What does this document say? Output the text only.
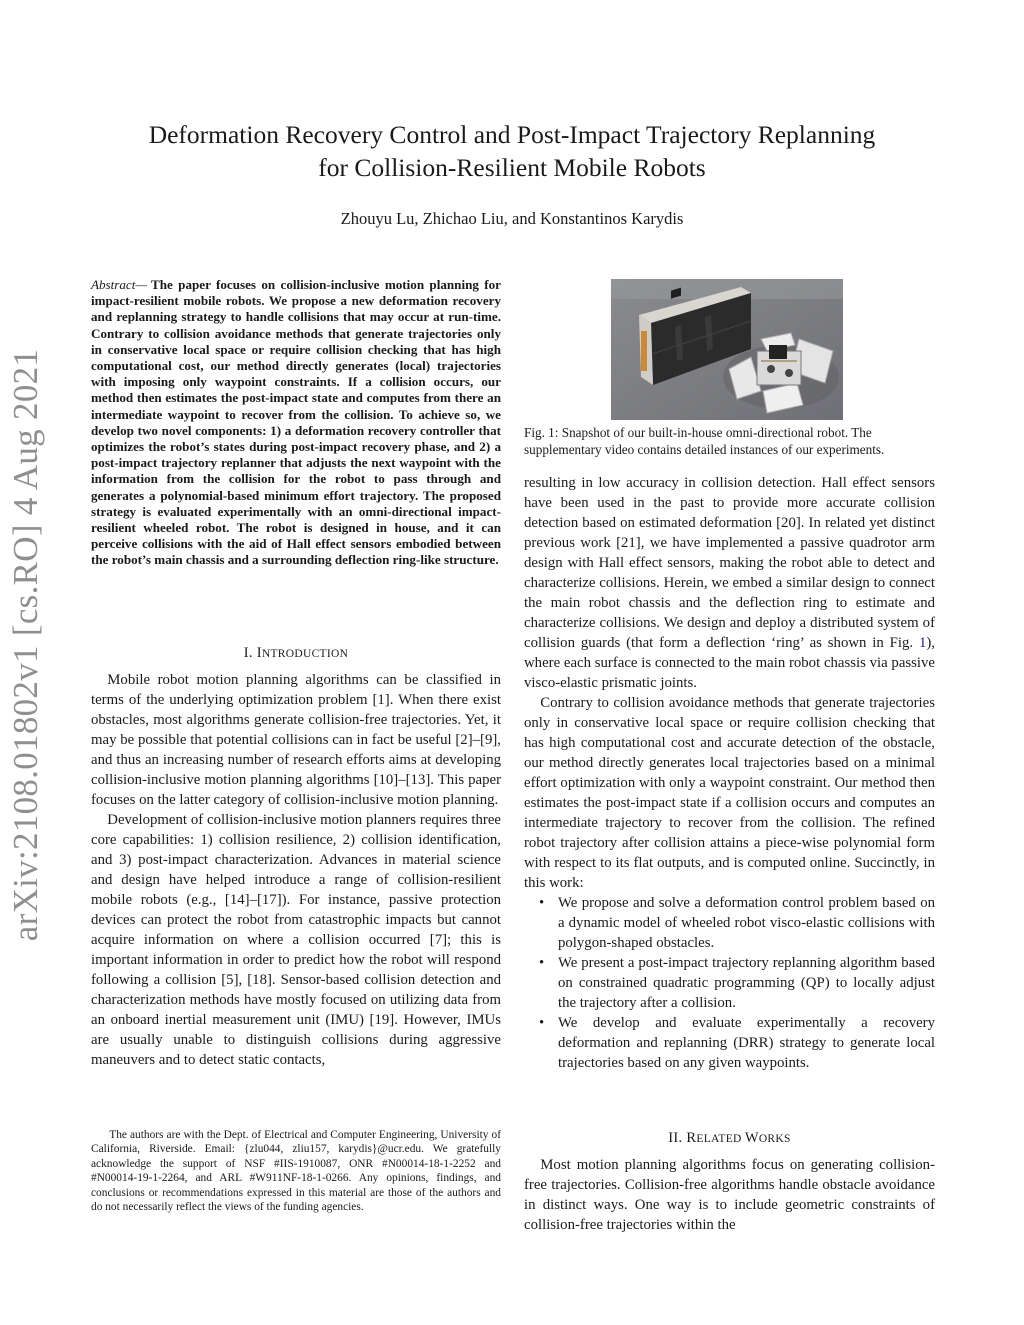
Deformation Recovery Control and Post-Impact Trajectory Replanning
for Collision-Resilient Mobile Robots
Zhouyu Lu, Zhichao Liu, and Konstantinos Karydis
arXiv:2108.01802v1 [cs.RO] 4 Aug 2021
Abstract— The paper focuses on collision-inclusive motion planning for impact-resilient mobile robots. We propose a new deformation recovery and replanning strategy to handle collisions that may occur at run-time. Contrary to collision avoidance methods that generate trajectories only in conservative local space or require collision checking that has high computational cost, our method directly generates (local) trajectories with imposing only waypoint constraints. If a collision occurs, our method then estimates the post-impact state and computes from there an intermediate waypoint to recover from the collision. To achieve so, we develop two novel components: 1) a deformation recovery controller that optimizes the robot’s states during post-impact recovery phase, and 2) a post-impact trajectory replanner that adjusts the next waypoint with the information from the collision for the robot to pass through and generates a polynomial-based minimum effort trajectory. The proposed strategy is evaluated experimentally with an omni-directional impact-resilient wheeled robot. The robot is designed in house, and it can perceive collisions with the aid of Hall effect sensors embodied between the robot’s main chassis and a surrounding deflection ring-like structure.
I. INTRODUCTION

Mobile robot motion planning algorithms can be classified in terms of the underlying optimization problem [1]. When there exist obstacles, most algorithms generate collision-free trajectories. Yet, it may be possible that potential collisions can in fact be useful [2]–[9], and thus an increasing number of research efforts aims at developing collision-inclusive motion planning algorithms [10]–[13]. This paper focuses on the latter category of collision-inclusive motion planning.

Development of collision-inclusive motion planners requires three core capabilities: 1) collision resilience, 2) collision identification, and 3) post-impact characterization. Advances in material science and design have helped introduce a range of collision-resilient mobile robots (e.g., [14]–[17]). For instance, passive protection devices can protect the robot from catastrophic impacts but cannot acquire information on where a collision occurred [7]; this is important information in order to predict how the robot will respond following a collision [5], [18]. Sensor-based collision detection and characterization methods have mostly focused on utilizing data from an onboard inertial measurement unit (IMU) [19]. However, IMUs are usually unable to distinguish collisions during aggressive maneuvers and to detect static contacts,

The authors are with the Dept. of Electrical and Computer Engineering, University of California, Riverside. Email: {zlu044, zliu157, karydis}@ucr.edu. We gratefully acknowledge the support of NSF #IIS-1910087, ONR #N00014-18-1-2252 and #N00014-19-1-2264, and ARL #W911NF-18-1-0266. Any opinions, findings, and conclusions or recommendations expressed in this material are those of the authors and do not necessarily reflect the views of the funding agencies.

Fig. 1: Snapshot of our built-in-house omni-directional robot. The supplementary video contains detailed instances of our experiments.

resulting in low accuracy in collision detection. Hall effect sensors have been used in the past to provide more accurate collision detection based on estimated deformation [20]. In related yet distinct previous work [21], we have implemented a passive quadrotor arm design with Hall effect sensors, making the robot able to detect and characterize collisions. Herein, we embed a similar design to connect the main robot chassis and the deflection ring to estimate and characterize collisions. We design and deploy a distributed system of collision guards (that form a deflection ‘ring’ as shown in Fig. 1), where each surface is connected to the main robot chassis via passive visco-elastic prismatic joints.

Contrary to collision avoidance methods that generate trajectories only in conservative local space or require collision checking that has high computational cost and accurate detection of the obstacle, our method directly generates local trajectories based on a minimal effort optimization with only a waypoint constraint. Our method then estimates the post-impact state if a collision occurs and computes an intermediate trajectory to recover from the collision. The refined robot trajectory after collision attains a piece-wise polynomial form with respect to its flat outputs, and is computed online. Succinctly, in this work:

• We propose and solve a deformation control problem based on a dynamic model of wheeled robot visco-elastic collisions with polygon-shaped obstacles.
• We present a post-impact trajectory replanning algorithm based on constrained quadratic programming (QP) to locally adjust the trajectory after a collision.
• We develop and evaluate experimentally a recovery deformation and replanning (DRR) strategy to generate local trajectories based on any given waypoints.
II. RELATED WORKS

Most motion planning algorithms focus on generating collision-free trajectories. Collision-free algorithms handle obstacle avoidance in distinct ways. One way is to include geometric constraints of collision-free trajectories within the
